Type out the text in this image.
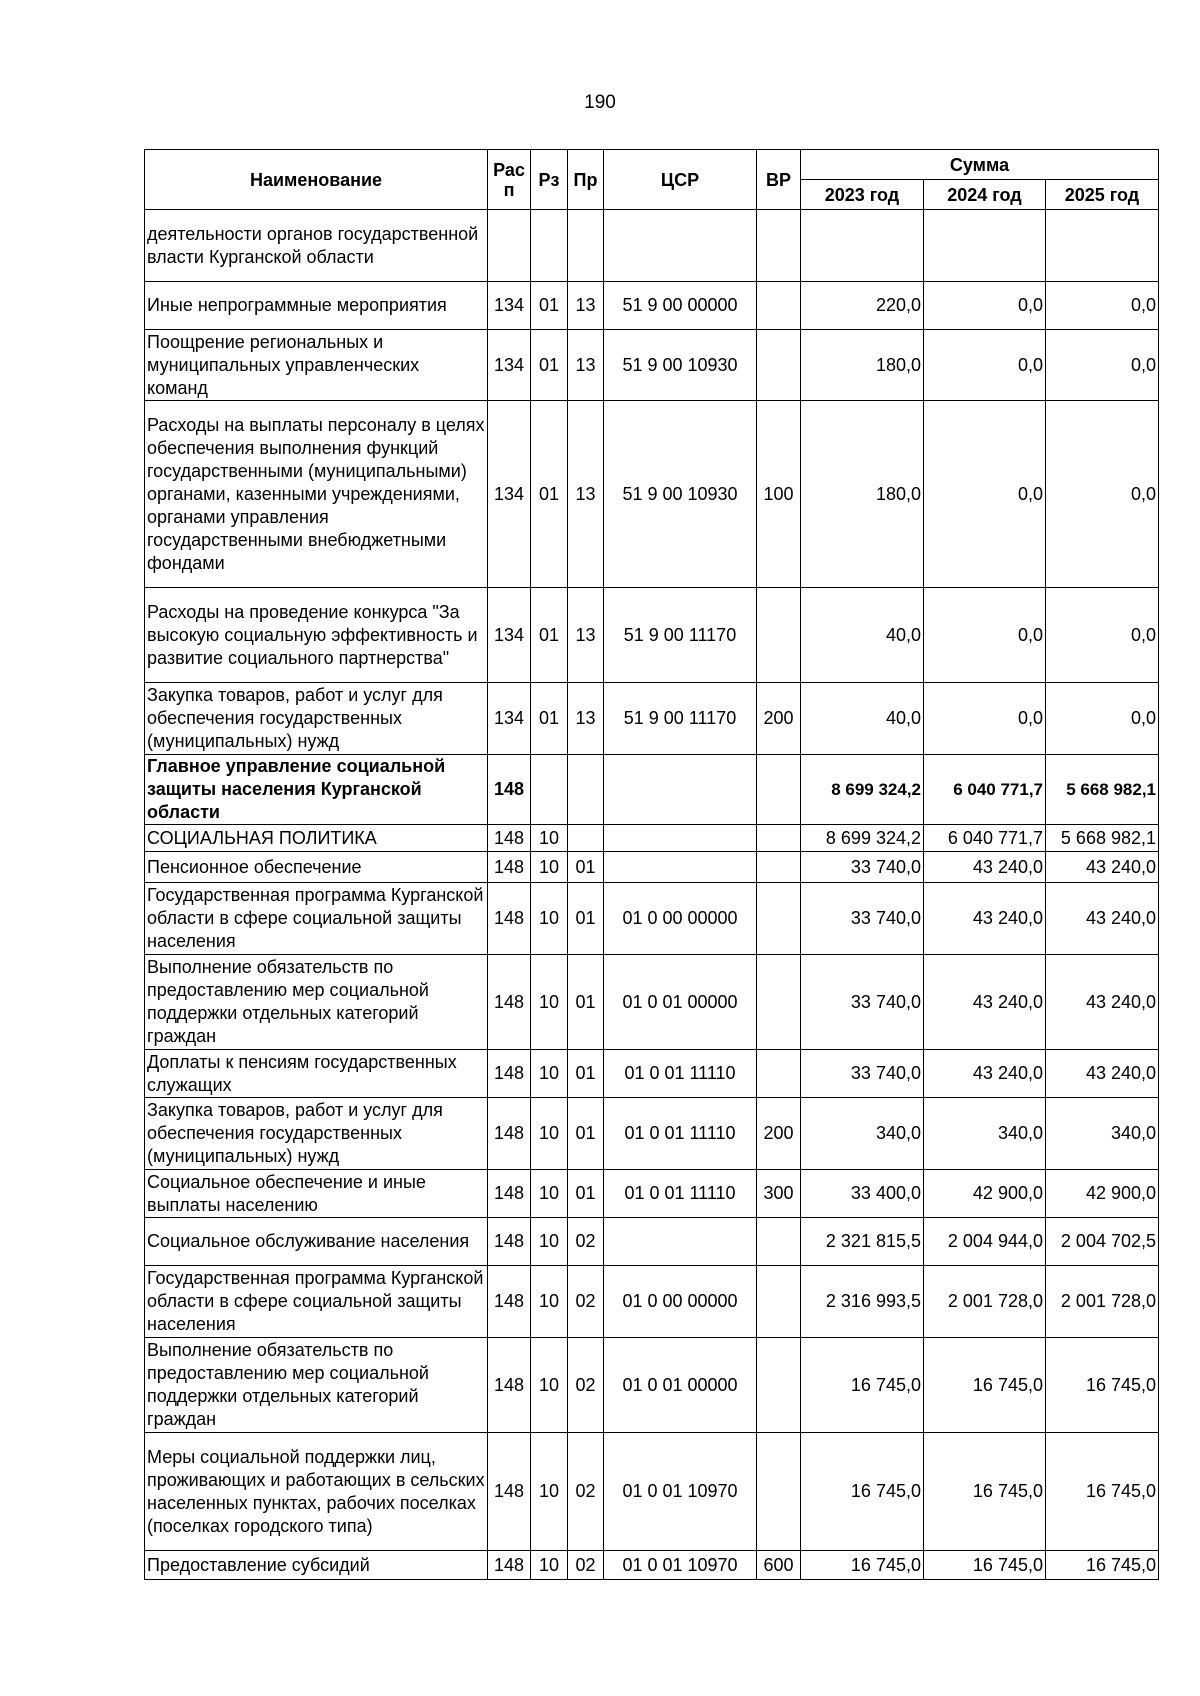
190
Наименование	Рас п	Рз	Пр	ЦСР	ВР	Сумма		
						2023 год	2024 год	2025 год
деятельности органов государственной власти Курганской области								
Иные непрограммные мероприятия	134	01	13	51 9 00 00000		220,0	0,0	0,0
Поощрение региональных и муниципальных управленческих команд	134	01	13	51 9 00 10930		180,0	0,0	0,0
Расходы на выплаты персоналу в целях обеспечения выполнения функций государственными (муниципальными) органами, казенными учреждениями, органами управления государственными внебюджетными фондами	134	01	13	51 9 00 10930	100	180,0	0,0	0,0
Расходы на проведение конкурса "За высокую социальную эффективность и развитие социального партнерства"	134	01	13	51 9 00 11170		40,0	0,0	0,0
Закупка товаров, работ и услуг для обеспечения государственных (муниципальных) нужд	134	01	13	51 9 00 11170	200	40,0	0,0	0,0
Главное управление социальной защиты населения Курганской области	148					8 699 324,2	6 040 771,7	5 668 982,1
СОЦИАЛЬНАЯ ПОЛИТИКА	148	10				8 699 324,2	6 040 771,7	5 668 982,1
Пенсионное обеспечение	148	10	01			33 740,0	43 240,0	43 240,0
Государственная программа Курганской области в сфере социальной защиты населения	148	10	01	01 0 00 00000		33 740,0	43 240,0	43 240,0
Выполнение обязательств по предоставлению мер социальной поддержки отдельных категорий граждан	148	10	01	01 0 01 00000		33 740,0	43 240,0	43 240,0
Доплаты к пенсиям государственных служащих	148	10	01	01 0 01 11110		33 740,0	43 240,0	43 240,0
Закупка товаров, работ и услуг для обеспечения государственных (муниципальных) нужд	148	10	01	01 0 01 11110	200	340,0	340,0	340,0
Социальное обеспечение и иные выплаты населению	148	10	01	01 0 01 11110	300	33 400,0	42 900,0	42 900,0
Социальное обслуживание населения	148	10	02			2 321 815,5	2 004 944,0	2 004 702,5
Государственная программа Курганской области в сфере социальной защиты населения	148	10	02	01 0 00 00000		2 316 993,5	2 001 728,0	2 001 728,0
Выполнение обязательств по предоставлению мер социальной поддержки отдельных категорий граждан	148	10	02	01 0 01 00000		16 745,0	16 745,0	16 745,0
Меры социальной поддержки лиц, проживающих и работающих в сельских населенных пунктах, рабочих поселках (поселках городского типа)	148	10	02	01 0 01 10970		16 745,0	16 745,0	16 745,0
Предоставление субсидий	148	10	02	01 0 01 10970	600	16 745,0	16 745,0	16 745,0
